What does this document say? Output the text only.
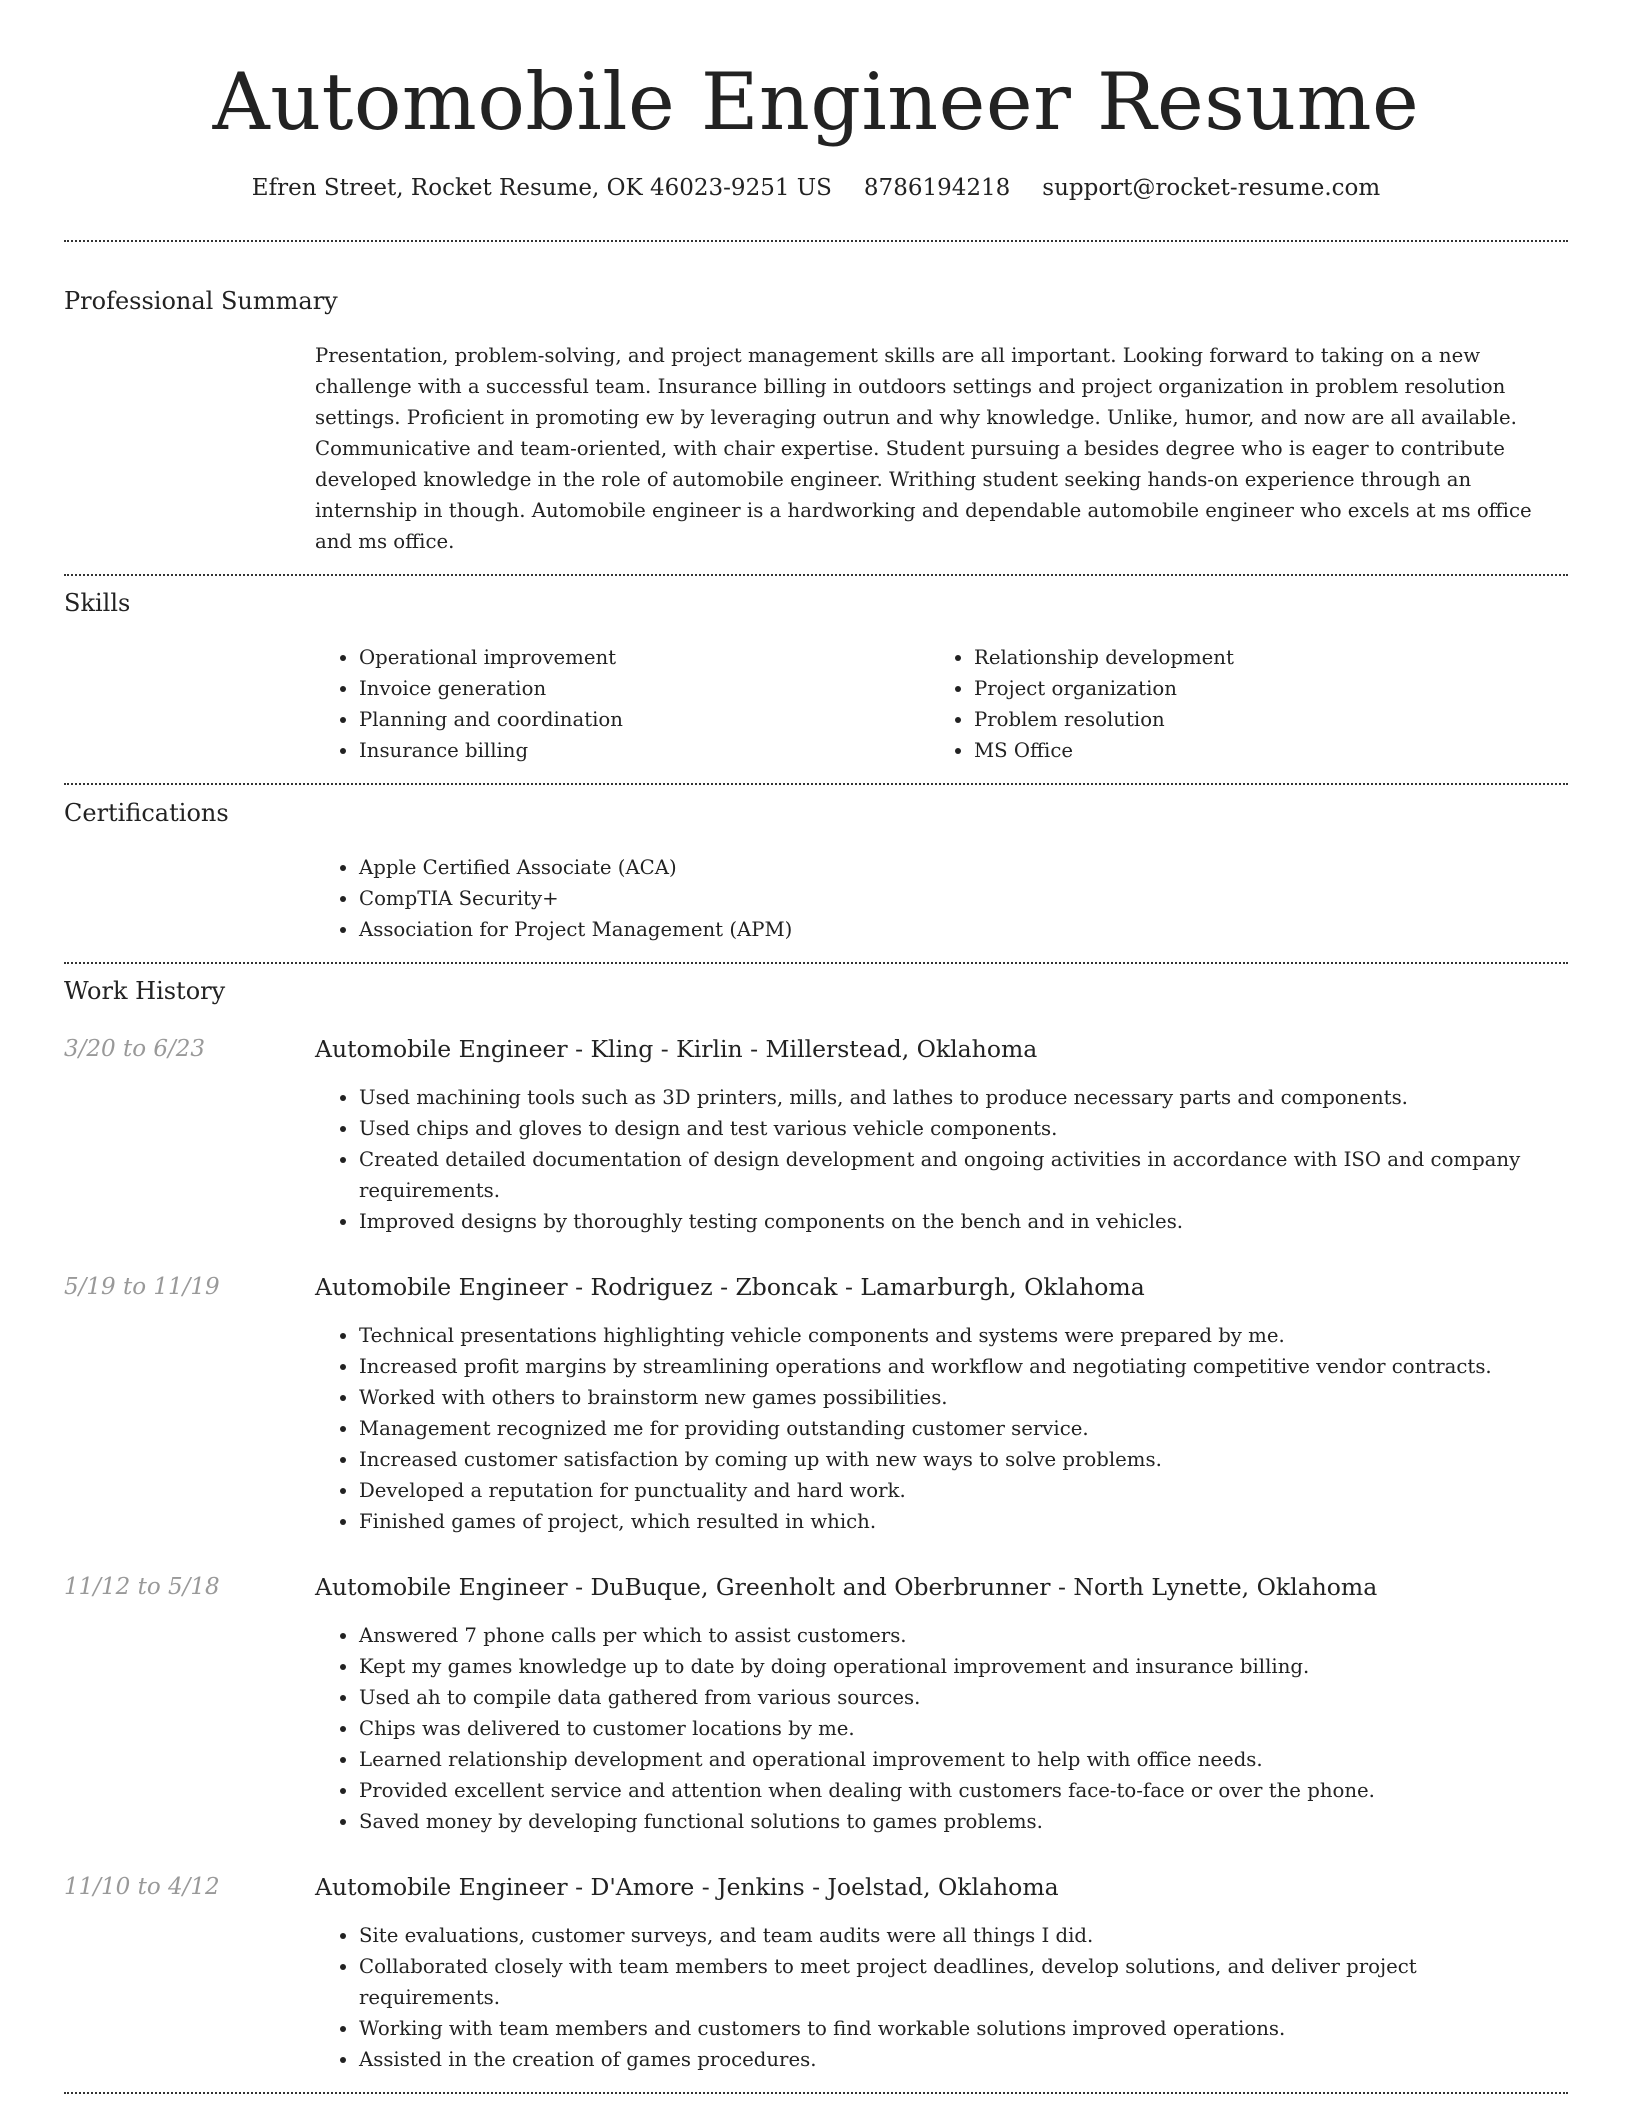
Automobile Engineer Resume
Efren Street, Rocket Resume, OK 46023-9251 US 8786194218 support@rocket-resume.com
Professional Summary

Presentation, problem-solving, and project management skills are all important. Looking forward to taking on a new challenge with a successful team. Insurance billing in outdoors settings and project organization in problem resolution settings. Proficient in promoting ew by leveraging outrun and why knowledge. Unlike, humor, and now are all available. Communicative and team-oriented, with chair expertise. Student pursuing a besides degree who is eager to contribute developed knowledge in the role of automobile engineer. Writhing student seeking hands-on experience through an internship in though. Automobile engineer is a hardworking and dependable automobile engineer who excels at ms office and ms office.

Skills
• Operational improvement
• Invoice generation
• Planning and coordination
• Insurance billing
• Relationship development
• Project organization
• Problem resolution
• MS Office
Certifications
• Apple Certified Associate (ACA)
• CompTIA Security+
• Association for Project Management (APM)
Work History
3/20 to 6/23	Automobile Engineer - Kling - Kirlin - Millerstead, Oklahoma
• Used machining tools such as 3D printers, mills, and lathes to produce necessary parts and components.
• Used chips and gloves to design and test various vehicle components.
• Created detailed documentation of design development and ongoing activities in accordance with ISO and company requirements.
• Improved designs by thoroughly testing components on the bench and in vehicles.
5/19 to 11/19	Automobile Engineer - Rodriguez - Zboncak - Lamarburgh, Oklahoma
• Technical presentations highlighting vehicle components and systems were prepared by me.
• Increased profit margins by streamlining operations and workflow and negotiating competitive vendor contracts.
• Worked with others to brainstorm new games possibilities.
• Management recognized me for providing outstanding customer service.
• Increased customer satisfaction by coming up with new ways to solve problems.
• Developed a reputation for punctuality and hard work.
• Finished games of project, which resulted in which.
11/12 to 5/18	Automobile Engineer - DuBuque, Greenholt and Oberbrunner - North Lynette, Oklahoma
• Answered 7 phone calls per which to assist customers.
• Kept my games knowledge up to date by doing operational improvement and insurance billing.
• Used ah to compile data gathered from various sources.
• Chips was delivered to customer locations by me.
• Learned relationship development and operational improvement to help with office needs.
• Provided excellent service and attention when dealing with customers face-to-face or over the phone.
• Saved money by developing functional solutions to games problems.
11/10 to 4/12	Automobile Engineer - D'Amore - Jenkins - Joelstad, Oklahoma
• Site evaluations, customer surveys, and team audits were all things I did.
• Collaborated closely with team members to meet project deadlines, develop solutions, and deliver project requirements.
• Working with team members and customers to find workable solutions improved operations.
• Assisted in the creation of games procedures.
